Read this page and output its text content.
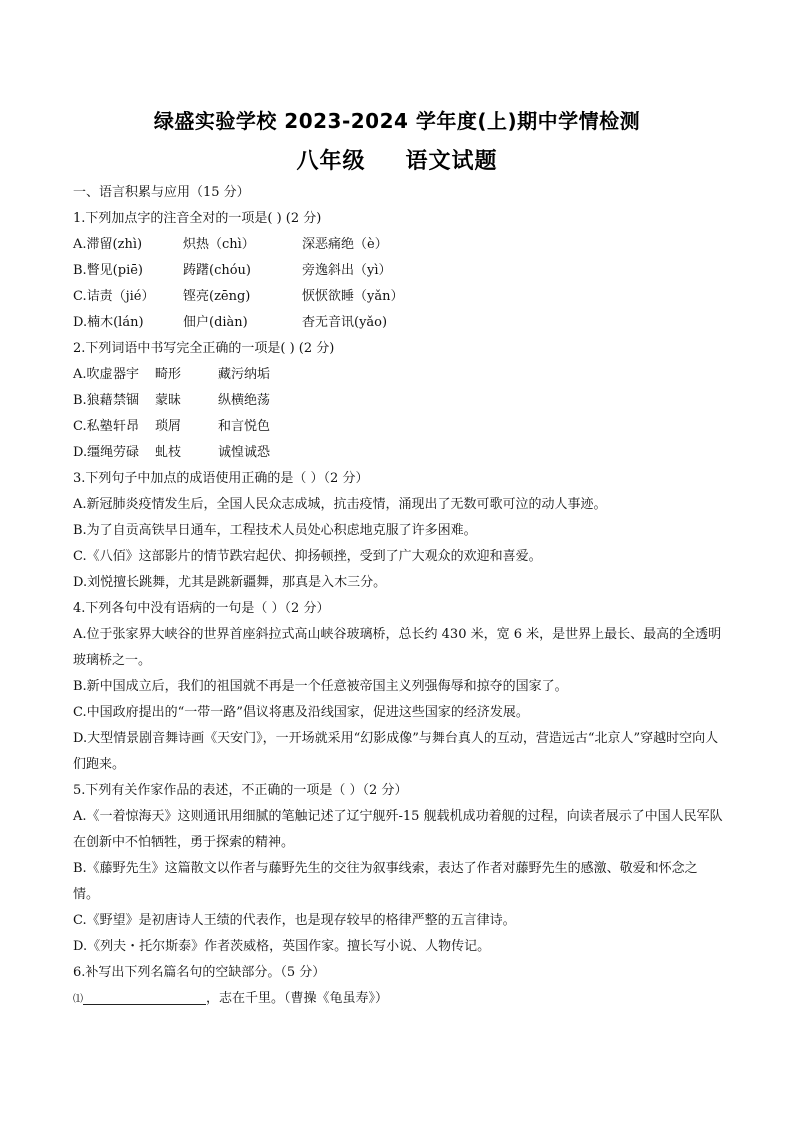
绿盛实验学校 2023-2024 学年度(上)期中学情检测
八年级 语文试题
一、语言积累与应用（15 分）
1.下列加点字的注音全对的一项是( ) (2 分)
A.滞留(zhì)	炽热（chì）	深恶痛绝（è）
B.瞥见(piē)	踌躇(chóu)	旁逸斜出（yì）
C.诘责（jié）	铿亮(zēng)	恹恹欲睡（yǎn）
D.楠木(lán)	佃户(diàn)	杳无音讯(yǎo)
2.下列词语中书写完全正确的一项是( ) (2 分)
A.吹虚 器宇	畸形	藏污纳垢
B.狼藉 禁锢	蒙昧	纵横绝荡
C.私塾 轩昂	琐屑	和言悦色
D.缰绳 劳碌	虬枝	诚惶诚恐
3.下列句子中加点的成语使用正确的是（ ）（2 分）
A.新冠肺炎疫情发生后，全国人民众志成城，抗击疫情，涌现出了无数可歌可泣的动人事迹。
B.为了自贡高铁早日通车，工程技术人员处心积虑地克服了许多困难。
C.《八佰》这部影片的情节跌宕起伏、抑扬顿挫，受到了广大观众的欢迎和喜爱。
D.刘悦擅长跳舞，尤其是跳新疆舞，那真是入木三分。
4.下列各句中没有语病的一句是（ ）（2 分）
A.位于张家界大峡谷的世界首座斜拉式高山峡谷玻璃桥，总长约 430 米，宽 6 米，是世界上最长、最高的全透明玻璃桥之一。
B.新中国成立后，我们的祖国就不再是一个任意被帝国主义列强侮辱和掠夺的国家了。
C.中国政府提出的“一带一路”倡议将惠及沿线国家，促进这些国家的经济发展。
D.大型情景剧音舞诗画《天安门》，一开场就采用“幻影成像”与舞台真人的互动，营造远古“北京人”穿越时空向人们跑来。
5.下列有关作家作品的表述，不正确的一项是（ ）（2 分）
A.《一着惊海天》这则通讯用细腻的笔触记述了辽宁舰歼-15 舰载机成功着舰的过程，向读者展示了中国人民军队在创新中不怕牺牲，勇于探索的精神。
B.《藤野先生》这篇散文以作者与藤野先生的交往为叙事线索，表达了作者对藤野先生的感激、敬爱和怀念之情。
C.《野望》是初唐诗人王绩的代表作，也是现存较早的格律严整的五言律诗。
D.《列夫・托尔斯泰》作者茨威格，英国作家。擅长写小说、人物传记。
6.补写出下列名篇名句的空缺部分。（5 分）
⑴	，志在千里。（曹操《龟虽寿》）
